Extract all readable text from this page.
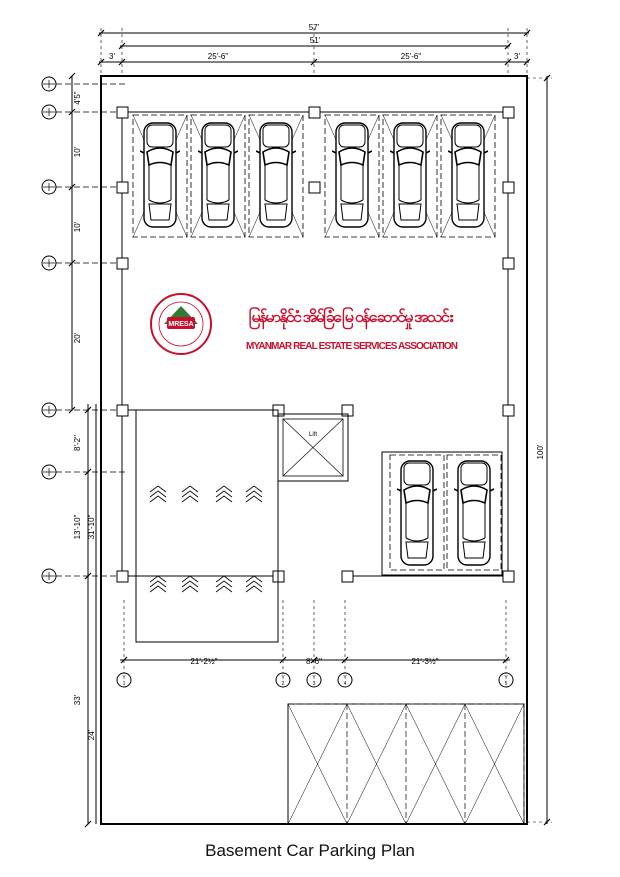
57'
51'
3'	25'-6"	25'-6"	3'
100'
4'5"
10'
10'
20'
8'-2"
13'-10" 31'-10"
33'
24'
Lift
21'-2½"	8'-6"	21'-3½"
Y
1
Y
2
Y
3
Y
4
Y
5
MRESA	မြန်မာနိုင်ငံ အိမ်ခြံမြေ ဝန်ဆောင်မှု အသင်း
MYANMAR REAL ESTATE SERVICES ASSOCIATION
Basement Car Parking Plan
